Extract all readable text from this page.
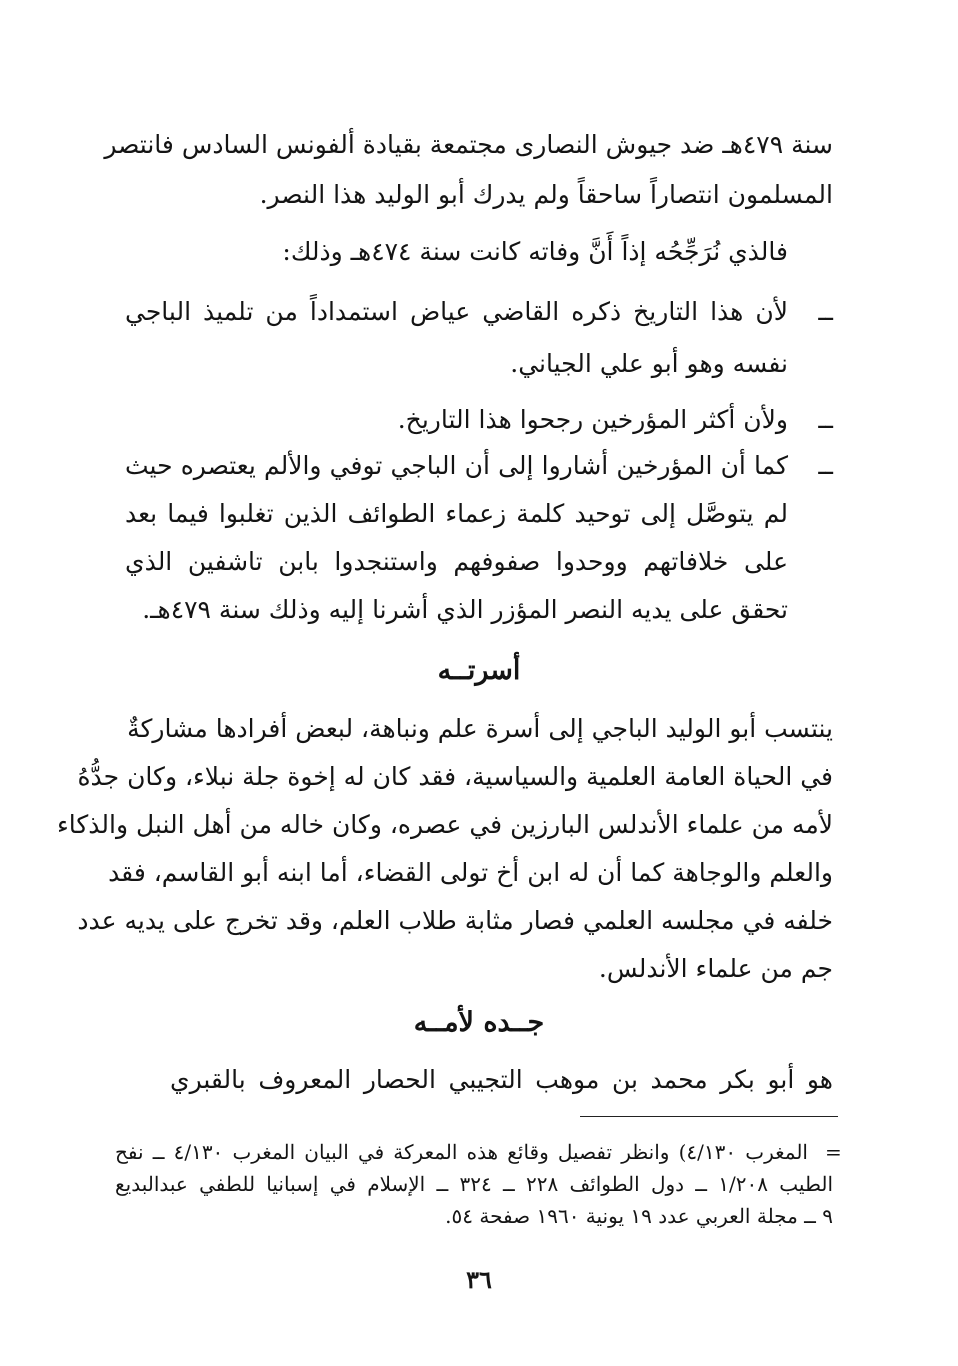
سنة ٤٧٩هـ ضد جيوش النصارى مجتمعة بقيادة ألفونس السادس فانتصر
المسلمون انتصاراً ساحقاً ولم يدرك أبو الوليد هذا النصر.
فالذي نُرَجِّحُه إذاً أَنَّ وفاته كانت سنة ٤٧٤هـ وذلك:
ــ
لأن هذا التاريخ ذكره القاضي عياض استمداداً من تلميذ الباجي
نفسه وهو أبو علي الجياني.
ــ
ولأن أكثر المؤرخين رجحوا هذا التاريخ.
ــ
كما أن المؤرخين أشاروا إلى أن الباجي توفي والألم يعتصره حيث
لم يتوصَّل إلى توحيد كلمة زعماء الطوائف الذين تغلبوا فيما بعد
على خلافاتهم ووحدوا صفوفهم واستنجدوا بابن تاشفين الذي
تحقق على يديه النصر المؤزر الذي أشرنا إليه وذلك سنة ٤٧٩هـ.
أسرتــه
ينتسب أبو الوليد الباجي إلى أسرة علم ونباهة، لبعض أفرادها مشاركةٌ
في الحياة العامة العلمية والسياسية، فقد كان له إخوة جلة نبلاء، وكان جدُّهُ
لأمه من علماء الأندلس البارزين في عصره، وكان خاله من أهل النبل والذكاء
والعلم والوجاهة كما أن له ابن أخ تولى القضاء، أما ابنه أبو القاسم، فقد
خلفه في مجلسه العلمي فصار مثابة طلاب العلم، وقد تخرج على يديه عدد
جم من علماء الأندلس.
جــده لأمــه
هو أبو بكر محمد بن موهب التجيبي الحصار المعروف بالقبري
=
المغرب ٤/١٣٠) وانظر تفصيل وقائع هذه المعركة في البيان المغرب ٤/١٣٠ ــ نفح
الطيب ١/٢٠٨ ــ دول الطوائف ٢٢٨ ــ ٣٢٤ ــ الإسلام في إسبانيا للطفي عبدالبديع
٩ ــ مجلة العربي عدد ١٩ يونية ١٩٦٠ صفحة ٥٤.
٣٦
